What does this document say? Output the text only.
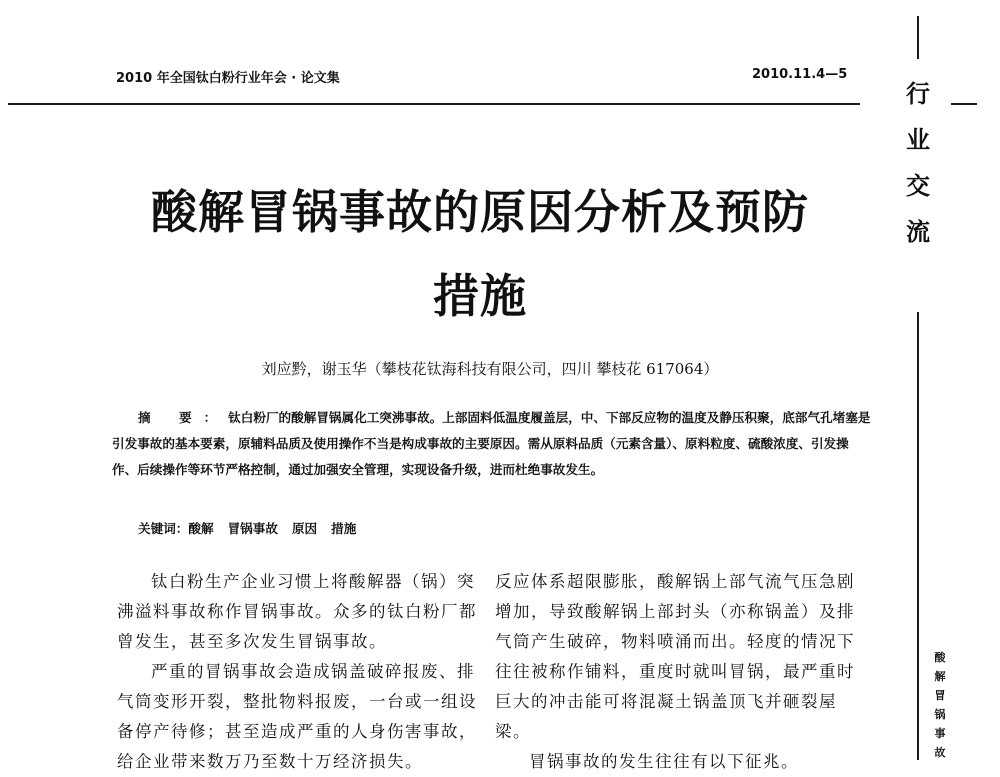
2010 年全国钛白粉行业年会 · 论文集	2010.11.4—5
行
业
交
流
酸
解
冒
锅
事
故
酸解冒锅事故的原因分析及预防
措施
刘应黔，谢玉华（攀枝花钛海科技有限公司，四川 攀枝花 617064）

摘 要：钛白粉厂的酸解冒锅属化工突沸事故。上部固料低温度履盖层，中、下部反应物的温度及静压积聚，底部气孔堵塞是引发事故的基本要素，原辅料品质及使用操作不当是构成事故的主要原因。需从原料品质（元素含量）、原料粒度、硫酸浓度、引发操作、后续操作等环节严格控制，通过加强安全管理，实现设备升级，进而杜绝事故发生。

关键词：酸解 冒锅事故 原因 措施

钛白粉生产企业习惯上将酸解器（锅）突沸溢料事故称作冒锅事故。众多的钛白粉厂都曾发生，甚至多次发生冒锅事故。

严重的冒锅事故会造成锅盖破碎报废、排气筒变形开裂，整批物料报废，一台或一组设备停产待修；甚至造成严重的人身伤害事故，给企业带来数万乃至数十万经济损失。

反应体系超限膨胀，酸解锅上部气流气压急剧增加，导致酸解锅上部封头（亦称锅盖）及排气筒产生破碎，物料喷涌而出。轻度的情况下往往被称作铺料，重度时就叫冒锅，最严重时巨大的冲击能可将混凝土锅盖顶飞并砸裂屋梁。

冒锅事故的发生往往有以下征兆。
